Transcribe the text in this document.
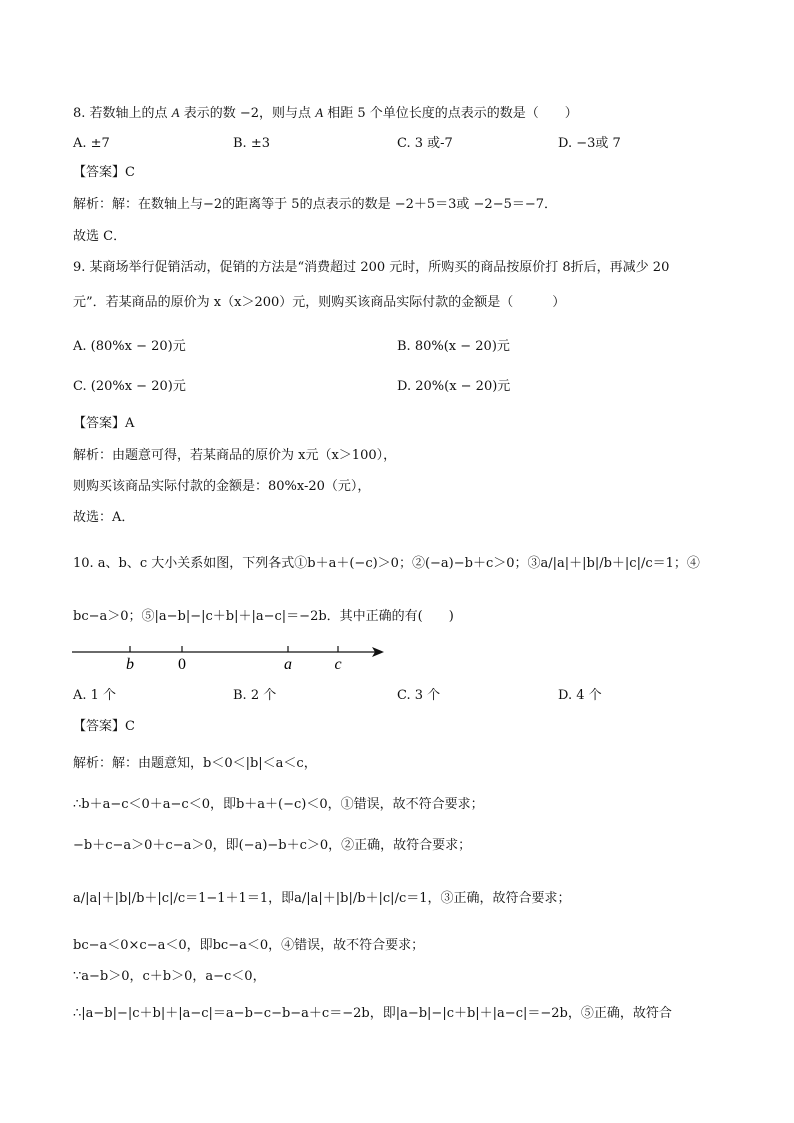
8. 若数轴上的点 A 表示的数 −2，则与点 A 相距 5 个单位长度的点表示的数是（　　）
A. ±7	B. ±3	C. 3 或-7	D. −3或 7
【答案】C
解析：解：在数轴上与−2的距离等于 5的点表示的数是 −2＋5＝3或 −2−5＝−7．
故选 C．
9. 某商场举行促销活动，促销的方法是“消费超过 200 元时，所购买的商品按原价打 8折后，再减少 20
元”．若某商品的原价为 x（x＞200）元，则购买该商品实际付款的金额是（　　　）
A. (80%x − 20)元	B. 80%(x − 20)元
C. (20%x − 20)元	D. 20%(x − 20)元
【答案】A
解析：由题意可得，若某商品的原价为 x元（x＞100），
则购买该商品实际付款的金额是：80%x-20（元），
故选：A．
10. a、b、c 大小关系如图，下列各式①b＋a＋(−c)＞0；②(−a)−b＋c＞0；③a/|a|＋|b|/b＋|c|/c＝1；④
bc−a＞0；⑤|a−b|−|c＋b|＋|a−c|＝−2b．其中正确的有(　　)
b	0	a	c
A. 1 个	B. 2 个	C. 3 个	D. 4 个
【答案】C
解析：解：由题意知，b＜0＜|b|＜a＜c，
∴b＋a−c＜0＋a−c＜0，即b＋a＋(−c)＜0，①错误，故不符合要求；
−b＋c−a＞0＋c−a＞0，即(−a)−b＋c＞0，②正确，故符合要求；
a/|a|＋|b|/b＋|c|/c＝1−1＋1＝1，即a/|a|＋|b|/b＋|c|/c＝1，③正确，故符合要求；
bc−a＜0×c−a＜0，即bc−a＜0，④错误，故不符合要求；
∵a−b＞0，c＋b＞0，a−c＜0，
∴|a−b|−|c＋b|＋|a−c|＝a−b−c−b−a＋c＝−2b，即|a−b|−|c＋b|＋|a−c|＝−2b，⑤正确，故符合
